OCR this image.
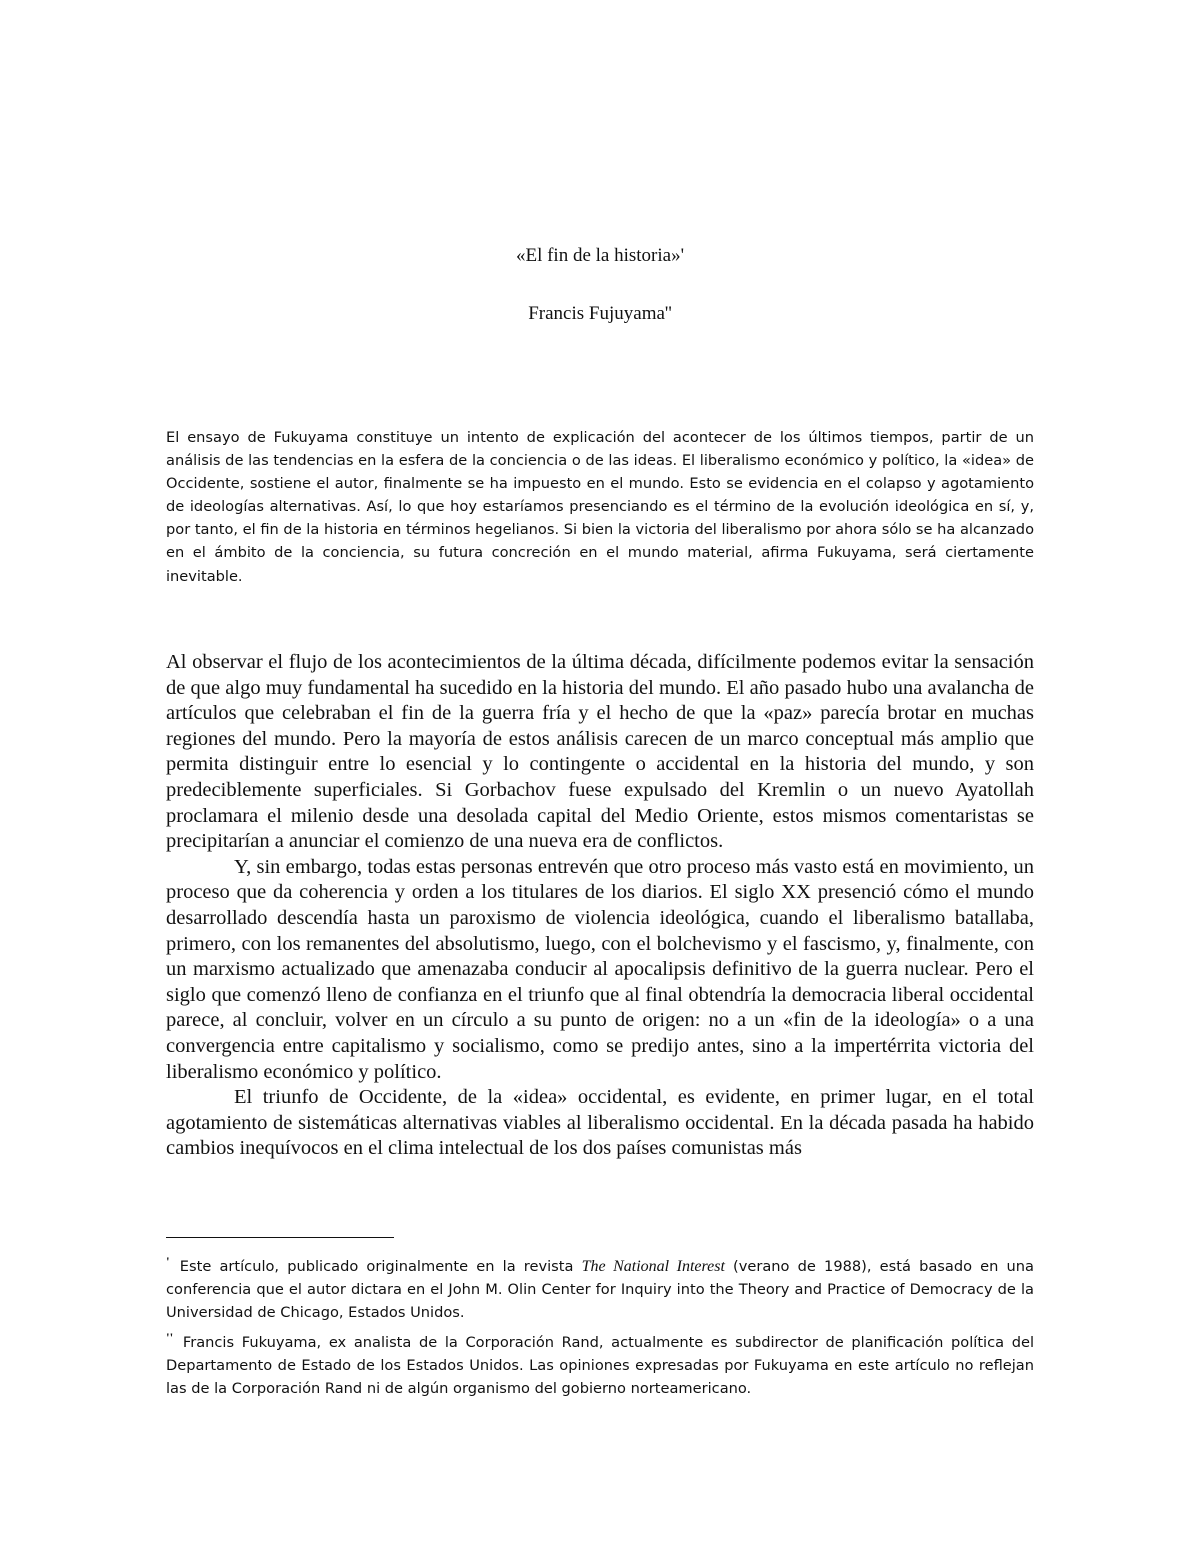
«El fin de la historia»'
Francis Fujuyama''

El ensayo de Fukuyama constituye un intento de explicación del acontecer de los últimos tiempos, partir de un análisis de las tendencias en la esfera de la conciencia o de las ideas. El liberalismo económico y político, la «idea» de Occidente, sostiene el autor, finalmente se ha impuesto en el mundo. Esto se evidencia en el colapso y agotamiento de ideologías alternativas. Así, lo que hoy estaríamos presenciando es el término de la evolución ideológica en sí, y, por tanto, el fin de la historia en términos hegelianos. Si bien la victoria del liberalismo por ahora sólo se ha alcanzado en el ámbito de la conciencia, su futura concreción en el mundo material, afirma Fukuyama, será ciertamente inevitable.

Al observar el flujo de los acontecimientos de la última década, difícilmente podemos evitar la sensación de que algo muy fundamental ha sucedido en la historia del mundo. El año pasado hubo una avalancha de artículos que celebraban el fin de la guerra fría y el hecho de que la «paz» parecía brotar en muchas regiones del mundo. Pero la mayoría de estos análisis carecen de un marco conceptual más amplio que permita distinguir entre lo esencial y lo contingente o accidental en la historia del mundo, y son predeciblemente superficiales. Si Gorbachov fuese expulsado del Kremlin o un nuevo Ayatollah proclamara el milenio desde una desolada capital del Medio Oriente, estos mismos comentaristas se precipitarían a anunciar el comienzo de una nueva era de conflictos.

Y, sin embargo, todas estas personas entrevén que otro proceso más vasto está en movimiento, un proceso que da coherencia y orden a los titulares de los diarios. El siglo XX presenció cómo el mundo desarrollado descendía hasta un paroxismo de violencia ideológica, cuando el liberalismo batallaba, primero, con los remanentes del absolutismo, luego, con el bolchevismo y el fascismo, y, finalmente, con un marxismo actualizado que amenazaba conducir al apocalipsis definitivo de la guerra nuclear. Pero el siglo que comenzó lleno de confianza en el triunfo que al final obtendría la democracia liberal occidental parece, al concluir, volver en un círculo a su punto de origen: no a un «fin de la ideología» o a una convergencia entre capitalismo y socialismo, como se predijo antes, sino a la impertérrita victoria del liberalismo económico y político.

El triunfo de Occidente, de la «idea» occidental, es evidente, en primer lugar, en el total agotamiento de sistemáticas alternativas viables al liberalismo occidental. En la década pasada ha habido cambios inequívocos en el clima intelectual de los dos países comunistas más

' Este artículo, publicado originalmente en la revista The National Interest (verano de 1988), está basado en una conferencia que el autor dictara en el John M. Olin Center for Inquiry into the Theory and Practice of Democracy de la Universidad de Chicago, Estados Unidos.

'' Francis Fukuyama, ex analista de la Corporación Rand, actualmente es subdirector de planificación política del Departamento de Estado de los Estados Unidos. Las opiniones expresadas por Fukuyama en este artículo no reflejan las de la Corporación Rand ni de algún organismo del gobierno norteamericano.
